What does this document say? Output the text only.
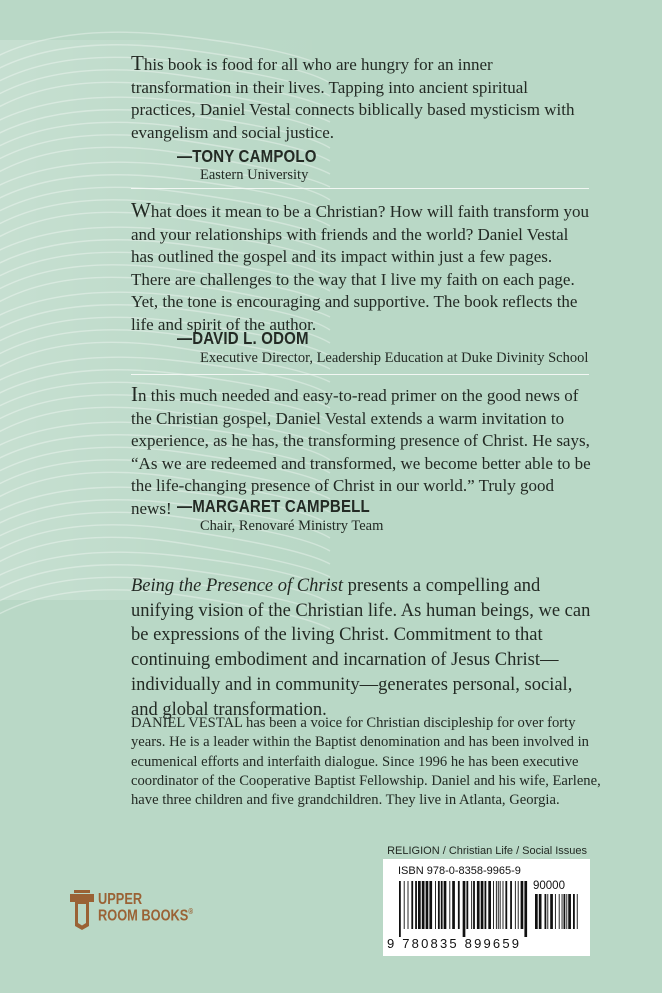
This book is food for all who are hungry for an inner transformation in their lives. Tapping into ancient spiritual practices, Daniel Vestal connects biblically based mysticism with evangelism and social justice.

—TONY CAMPOLO
Eastern University

What does it mean to be a Christian? How will faith transform you and your relationships with friends and the world? Daniel Vestal has outlined the gospel and its impact within just a few pages. There are challenges to the way that I live my faith on each page. Yet, the tone is encouraging and supportive. The book reflects the life and spirit of the author.

—DAVID L. ODOM
Executive Director, Leadership Education at Duke Divinity School

In this much needed and easy-to-read primer on the good news of the Christian gospel, Daniel Vestal extends a warm invitation to experience, as he has, the transforming presence of Christ. He says, “As we are redeemed and transformed, we become better able to be the life-changing presence of Christ in our world.” Truly good news! —MARGARET CAMPBELL
Chair, Renovaré Ministry Team

Being the Presence of Christ presents a compelling and unifying vision of the Christian life. As human beings, we can be expressions of the living Christ. Commitment to that continuing embodiment and incarnation of Jesus Christ—individually and in community—generates personal, social, and global transformation.

DANIEL VESTAL has been a voice for Christian discipleship for over forty years. He is a leader within the Baptist denomination and has been involved in ecumenical efforts and interfaith dialogue. Since 1996 he has been executive coordinator of the Cooperative Baptist Fellowship. Daniel and his wife, Earlene, have three children and five grandchildren. They live in Atlanta, Georgia.

RELIGION / Christian Life / Social Issues
ISBN 978-0-8358-9965-9
90000
9 780835 899659
UPPER
ROOM BOOKS®
